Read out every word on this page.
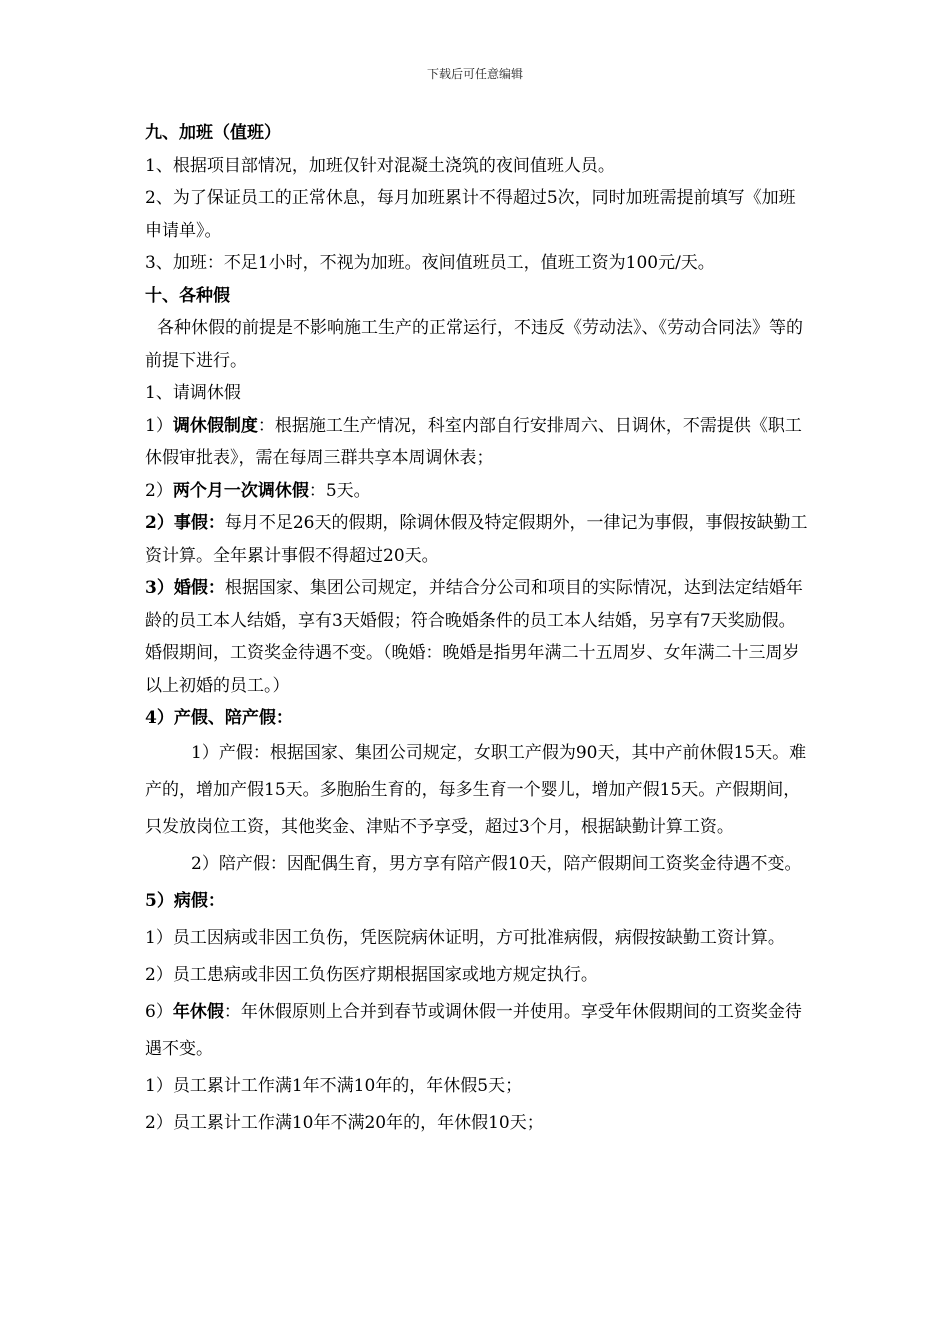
下载后可任意编辑

九、加班（值班）

1、根据项目部情况，加班仅针对混凝土浇筑的夜间值班人员。

2、为了保证员工的正常休息，每月加班累计不得超过5次，同时加班需提前填写《加班申请单》。

3、加班：不足1小时，不视为加班。夜间值班员工，值班工资为100元/天。

十、各种假

各种休假的前提是不影响施工生产的正常运行，不违反《劳动法》、《劳动合同法》等的前提下进行。

1、请调休假

1）调休假制度：根据施工生产情况，科室内部自行安排周六、日调休，不需提供《职工休假审批表》，需在每周三群共享本周调休表；

2）两个月一次调休假：5天。

2）事假：每月不足26天的假期，除调休假及特定假期外，一律记为事假，事假按缺勤工资计算。全年累计事假不得超过20天。

3）婚假：根据国家、集团公司规定，并结合分公司和项目的实际情况，达到法定结婚年龄的员工本人结婚，享有3天婚假；符合晚婚条件的员工本人结婚，另享有7天奖励假。婚假期间，工资奖金待遇不变。（晚婚：晚婚是指男年满二十五周岁、女年满二十三周岁以上初婚的员工。）

4）产假、陪产假：

1）产假：根据国家、集团公司规定，女职工产假为90天，其中产前休假15天。难产的，增加产假15天。多胞胎生育的，每多生育一个婴儿，增加产假15天。产假期间，只发放岗位工资，其他奖金、津贴不予享受，超过3个月，根据缺勤计算工资。

2）陪产假：因配偶生育，男方享有陪产假10天，陪产假期间工资奖金待遇不变。

5）病假：

1）员工因病或非因工负伤，凭医院病休证明，方可批准病假，病假按缺勤工资计算。

2）员工患病或非因工负伤医疗期根据国家或地方规定执行。

6）年休假：年休假原则上合并到春节或调休假一并使用。享受年休假期间的工资奖金待遇不变。

1）员工累计工作满1年不满10年的，年休假5天；

2）员工累计工作满10年不满20年的，年休假10天；
